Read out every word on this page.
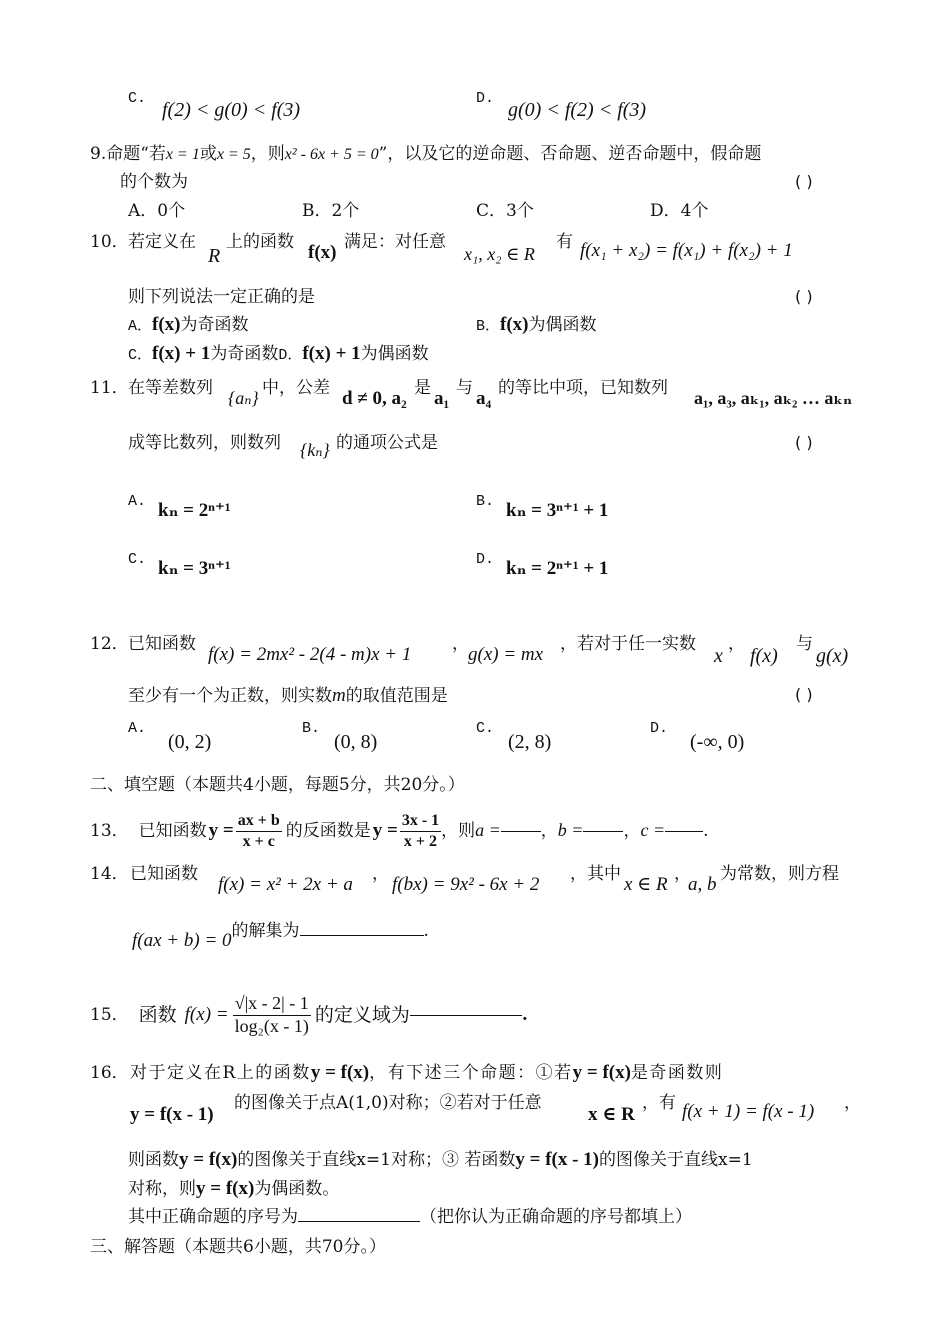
C.
f(2) < g(0) < f(3)
D.
g(0) < f(2) < f(3)
9.命题“若x = 1或x = 5，则x² - 6x + 5 = 0”，以及它的逆命题、否命题、逆否命题中，假命题
的个数为	( )
A．0个	B．2个	C．3个	D．4个
10． 若定义在
R
上的函数 f(x) 满足：对任意
x₁, x₂ ∈ R
有 f(x₁ + x₂) = f(x₁) + f(x₂) + 1
则下列说法一定正确的是	( )
A．f(x)为奇函数	B．f(x)为偶函数
C．f(x) + 1为奇函数D．f(x) + 1为偶函数
11． 在等差数列 {aₙ} 中，公差 d ≠ 0, a₂ 是 a₁ 与 a₄ 的等比中项，已知数列 a₁, a₃, aₖ₁, aₖ₂ … aₖₙ
成等比数列，则数列 {kₙ} 的通项公式是	( )
A. kₙ = 2ⁿ⁺¹	B. kₙ = 3ⁿ⁺¹ + 1
C. kₙ = 3ⁿ⁺¹	D. kₙ = 2ⁿ⁺¹ + 1
12． 已知函数 f(x) = 2mx² - 2(4 - m)x + 1 ， g(x) = mx ，若对于任一实数
x
，
f(x)
与
g(x)
至少有一个为正数，则实数m的取值范围是	( )
A.
(0, 2)
B.
(0, 8)
C.
(2, 8)
D.
(-∞, 0)
二、填空题（本题共4小题，每题5分，共20分。）
13． 已知函数 $y = \frac{ax + b}{x + c}$ 的反函数是 $y = \frac{3x - 1}{x + 2}$ ，则 a = ， b = ， c = .
14． 已知函数 f(x) = x² + 2x + a ， f(bx) = 9x² - 6x + 2 ，其中 x ∈ R ，
a, b 为常数，则方程
f(ax + b) = 0 的解集为	.
15． 函数 $f(x) = \frac{√|x - 2| - 1}{\text{log₂(x - 1)}}$ 的定义域为	.
16． 对于定义在R上的函数y = f(x)，有下述三个命题：①若y = f(x)是奇函数则
y = f(x - 1)
的图像关于点A(1,0)对称；②若对于任意
x ∈ R
，有 f(x + 1) = f(x - 1) ，
则函数y = f(x)的图像关于直线x=1对称；③ 若函数y = f(x - 1)的图像关于直线x=1
对称，则y = f(x)为偶函数。
其中正确命题的序号为	（把你认为正确命题的序号都填上）
三、解答题（本题共6小题，共70分。）
